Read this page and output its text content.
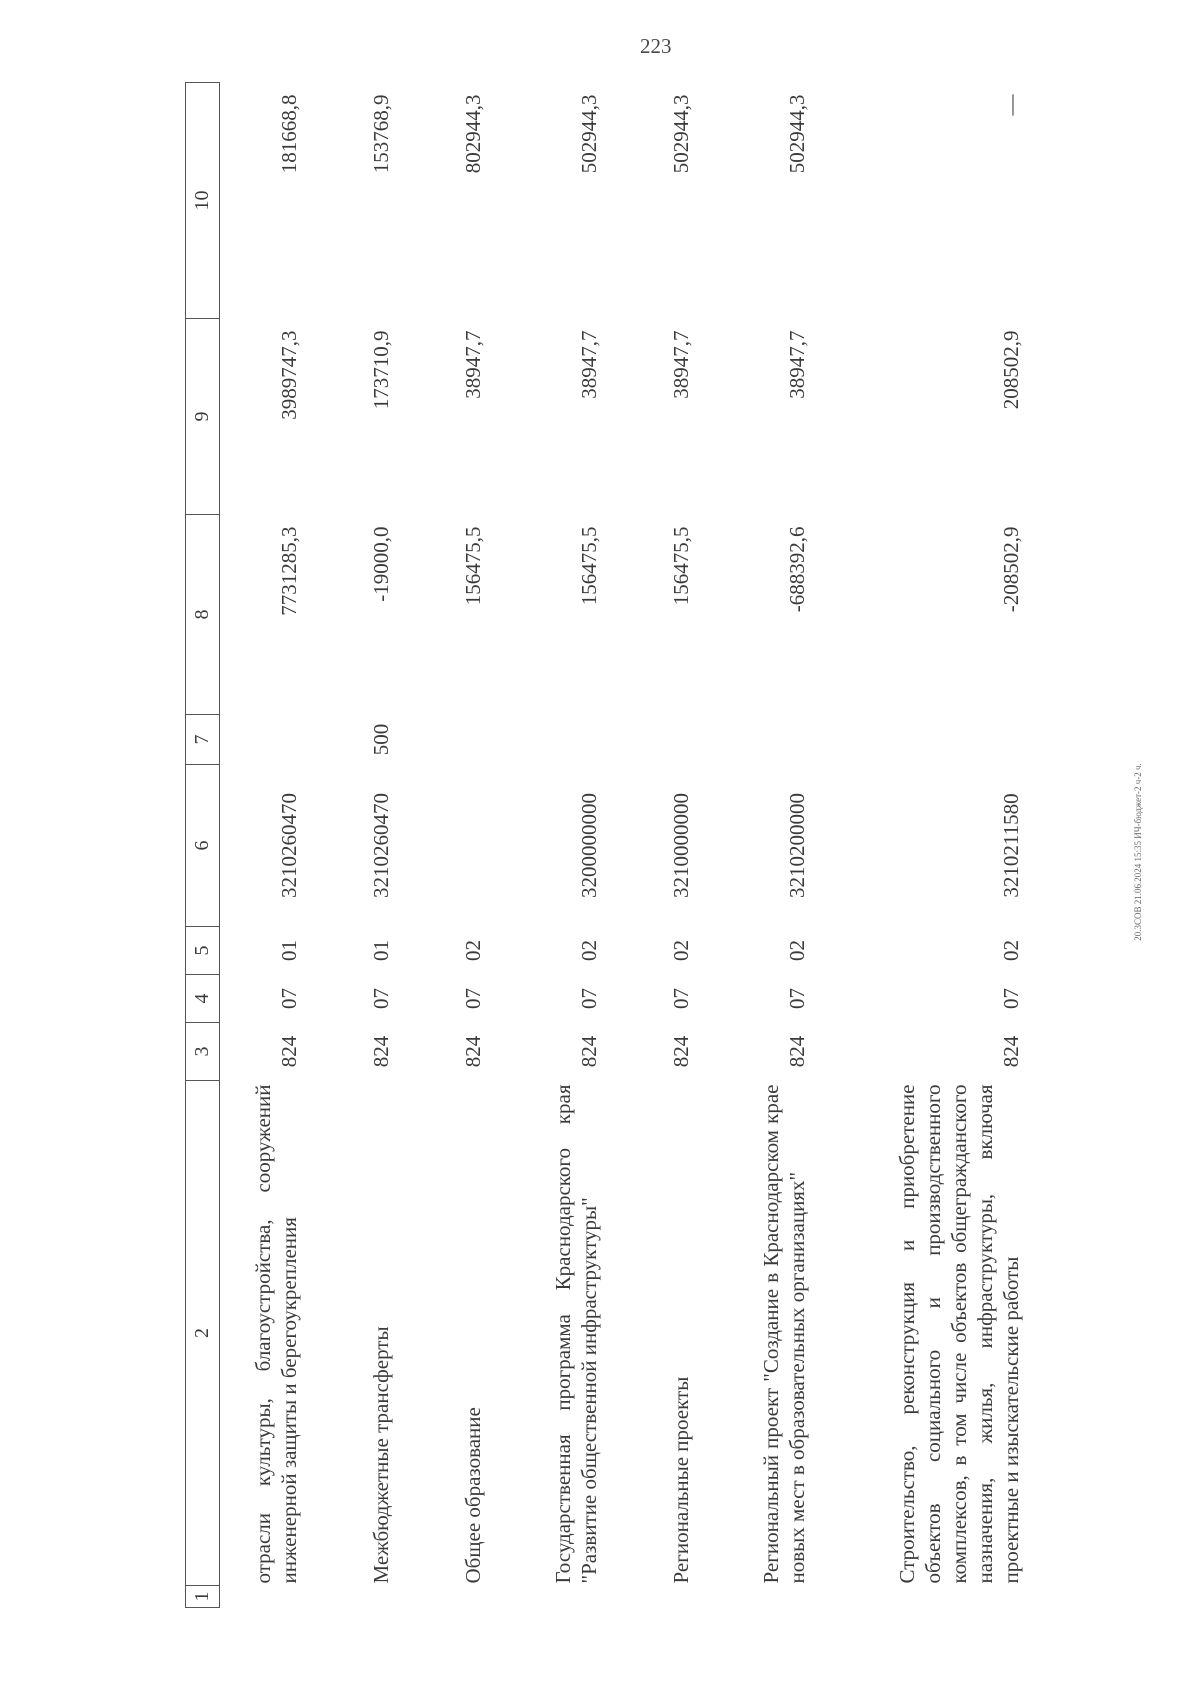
223
1	2	3	4	5	6	7	8	9	10
	отрасли культуры, благоустройства, сооружений инженерной защиты и берегоукрепления	824	07	01	3210260470		7731285,3	3989747,3	181668,8
	Межбюджетные трансферты	824	07	01	3210260470	500	-19000,0	173710,9	153768,9
	Общее образование	824	07	02			156475,5	38947,7	802944,3
	Государственная программа Краснодарского края "Развитие общественной инфраструктуры"	824	07	02	3200000000		156475,5	38947,7	502944,3
	Региональные проекты	824	07	02	3210000000		156475,5	38947,7	502944,3
	Региональный проект "Создание в Краснодарском крае новых мест в образовательных организациях"	824	07	02	3210200000		-688392,6	38947,7	502944,3
	Строительство, реконструкция и приобретение объектов социального и производственного комплексов, в том числе объектов общегражданского назначения, жилья, инфраструктуры, включая проектные и изыскательские работы	824	07	02	3210211580		-208502,9	208502,9	—
20.3СОВ 21.06.2024 15:35 ИЧ-бюджет-2 ч-2 ч.
